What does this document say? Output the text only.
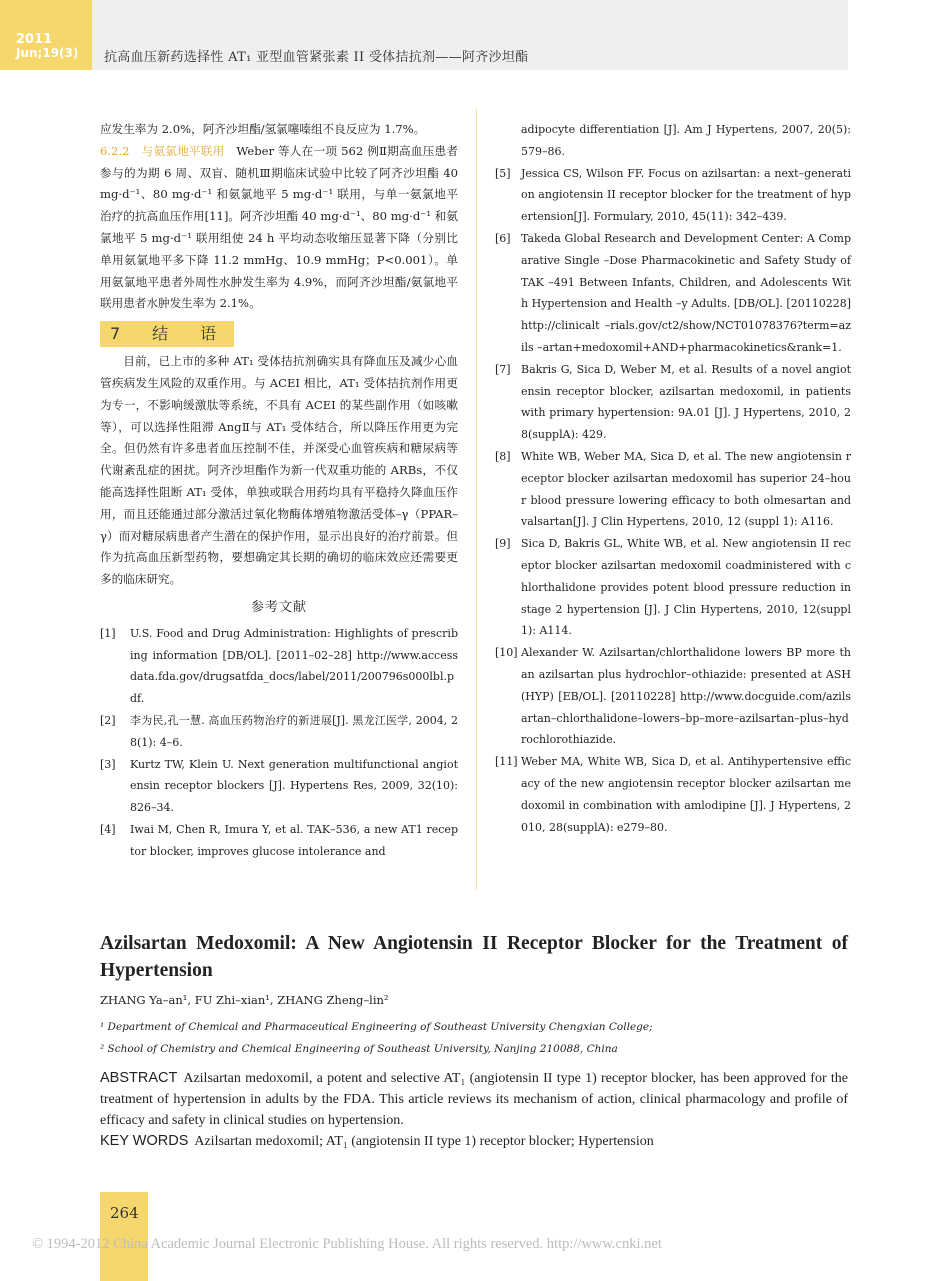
2011
Jun;19(3) 抗高血压新药选择性 AT₁ 亚型血管紧张素 II 受体拮抗剂——阿齐沙坦酯

应发生率为 2.0%，阿齐沙坦酯/氢氯噻嗪组不良反应为 1.7%。

6.2.2　与氨氯地平联用　 Weber 等人在一项 562 例Ⅱ期高血压患者参与的为期 6 周、双盲、随机Ⅲ期临床试验中比较了阿齐沙坦酯 40 mg·d⁻¹、80 mg·d⁻¹ 和氨氯地平 5 mg·d⁻¹ 联用，与单一氨氯地平治疗的抗高血压作用[11]。阿齐沙坦酯 40 mg·d⁻¹、80 mg·d⁻¹ 和氨氯地平 5 mg·d⁻¹ 联用组使 24 h 平均动态收缩压显著下降（分别比单用氨氯地平多下降 11.2 mmHg、10.9 mmHg；P<0.001）。单用氨氯地平患者外周性水肿发生率为 4.9%，而阿齐沙坦酯/氨氯地平联用患者水肿发生率为 2.1%。

7　结　语

目前，已上市的多种 AT₁ 受体拮抗剂确实具有降血压及减少心血管疾病发生风险的双重作用。与 ACEI 相比，AT₁ 受体拮抗剂作用更为专一，不影响缓激肽等系统，不具有 ACEI 的某些副作用（如咳嗽等），可以选择性阻滞 AngⅡ与 AT₁ 受体结合，所以降压作用更为完全。但仍然有许多患者血压控制不佳，并深受心血管疾病和糖尿病等代谢紊乱症的困扰。阿齐沙坦酯作为新一代双重功能的 ARBs，不仅能高选择性阻断 AT₁ 受体，单独或联合用药均具有平稳持久降血压作用，而且还能通过部分激活过氧化物酶体增殖物激活受体–γ（PPAR–γ）而对糖尿病患者产生潜在的保护作用，显示出良好的治疗前景。但作为抗高血压新型药物，要想确定其长期的确切的临床效应还需要更多的临床研究。

参考文献
[1] U.S. Food and Drug Administration: Highlights of prescribing information [DB/OL]. [2011–02–28] http://www.accessdata.fda.gov/drugsatfda_docs/label/2011/200796s000lbl.pdf.
[2] 李为民,孔一慧. 高血压药物治疗的新进展[J]. 黑龙江医学, 2004, 28(1): 4–6.
[3] Kurtz TW, Klein U. Next generation multifunctional angiotensin receptor blockers [J]. Hypertens Res, 2009, 32(10): 826–34.
[4] Iwai M, Chen R, Imura Y, et al. TAK–536, a new AT1 receptor blocker, improves glucose intolerance and
adipocyte differentiation [J]. Am J Hypertens, 2007, 20(5): 579–86.
[5] Jessica CS, Wilson FF. Focus on azilsartan: a next–generation angiotensin II receptor blocker for the treatment of hypertension[J]. Formulary, 2010, 45(11): 342–439.
[6] Takeda Global Research and Development Center: A Comparative Single –Dose Pharmacokinetic and Safety Study of TAK –491 Between Infants, Children, and Adolescents With Hypertension and Health –y Adults. [DB/OL]. [20110228] http://clinicalt –rials.gov/ct2/show/NCT01078376?term=azils –artan+medoxomil+AND+pharmacokinetics&rank=1.
[7] Bakris G, Sica D, Weber M, et al. Results of a novel angiotensin receptor blocker, azilsartan medoxomil, in patients with primary hypertension: 9A.01 [J]. J Hypertens, 2010, 28(supplA): 429.
[8] White WB, Weber MA, Sica D, et al. The new angiotensin receptor blocker azilsartan medoxomil has superior 24–hour blood pressure lowering efficacy to both olmesartan and valsartan[J]. J Clin Hypertens, 2010, 12 (suppl 1): A116.
[9] Sica D, Bakris GL, White WB, et al. New angiotensin II receptor blocker azilsartan medoxomil coadministered with chlorthalidone provides potent blood pressure reduction in stage 2 hypertension [J]. J Clin Hypertens, 2010, 12(suppl 1): A114.
[10] Alexander W. Azilsartan/chlorthalidone lowers BP more than azilsartan plus hydrochlor–othiazide: presented at ASH (HYP) [EB/OL]. [20110228] http://www.docguide.com/azilsartan–chlorthalidone–lowers–bp–more–azilsartan–plus–hydrochlorothiazide.
[11] Weber MA, White WB, Sica D, et al. Antihypertensive efficacy of the new angiotensin receptor blocker azilsartan medoxomil in combination with amlodipine [J]. J Hypertens, 2010, 28(supplA): e279–80.
Azilsartan Medoxomil: A New Angiotensin II Receptor Blocker for the Treatment of Hypertension
ZHANG Ya–an¹, FU Zhi–xian¹, ZHANG Zheng–lin²
¹ Department of Chemical and Pharmaceutical Engineering of Southeast University Chengxian College;
² School of Chemistry and Chemical Engineering of Southeast University, Nanjing 210088, China
ABSTRACT Azilsartan medoxomil, a potent and selective AT₁ (angiotensin II type 1) receptor blocker, has been approved for the treatment of hypertension in adults by the FDA. This article reviews its mechanism of action, clinical pharmacology and profile of efficacy and safety in clinical studies on hypertension.
KEY WORDS Azilsartan medoxomil; AT₁ (angiotensin II type 1) receptor blocker; Hypertension
264
© 1994-2012 China Academic Journal Electronic Publishing House. All rights reserved. http://www.cnki.net
